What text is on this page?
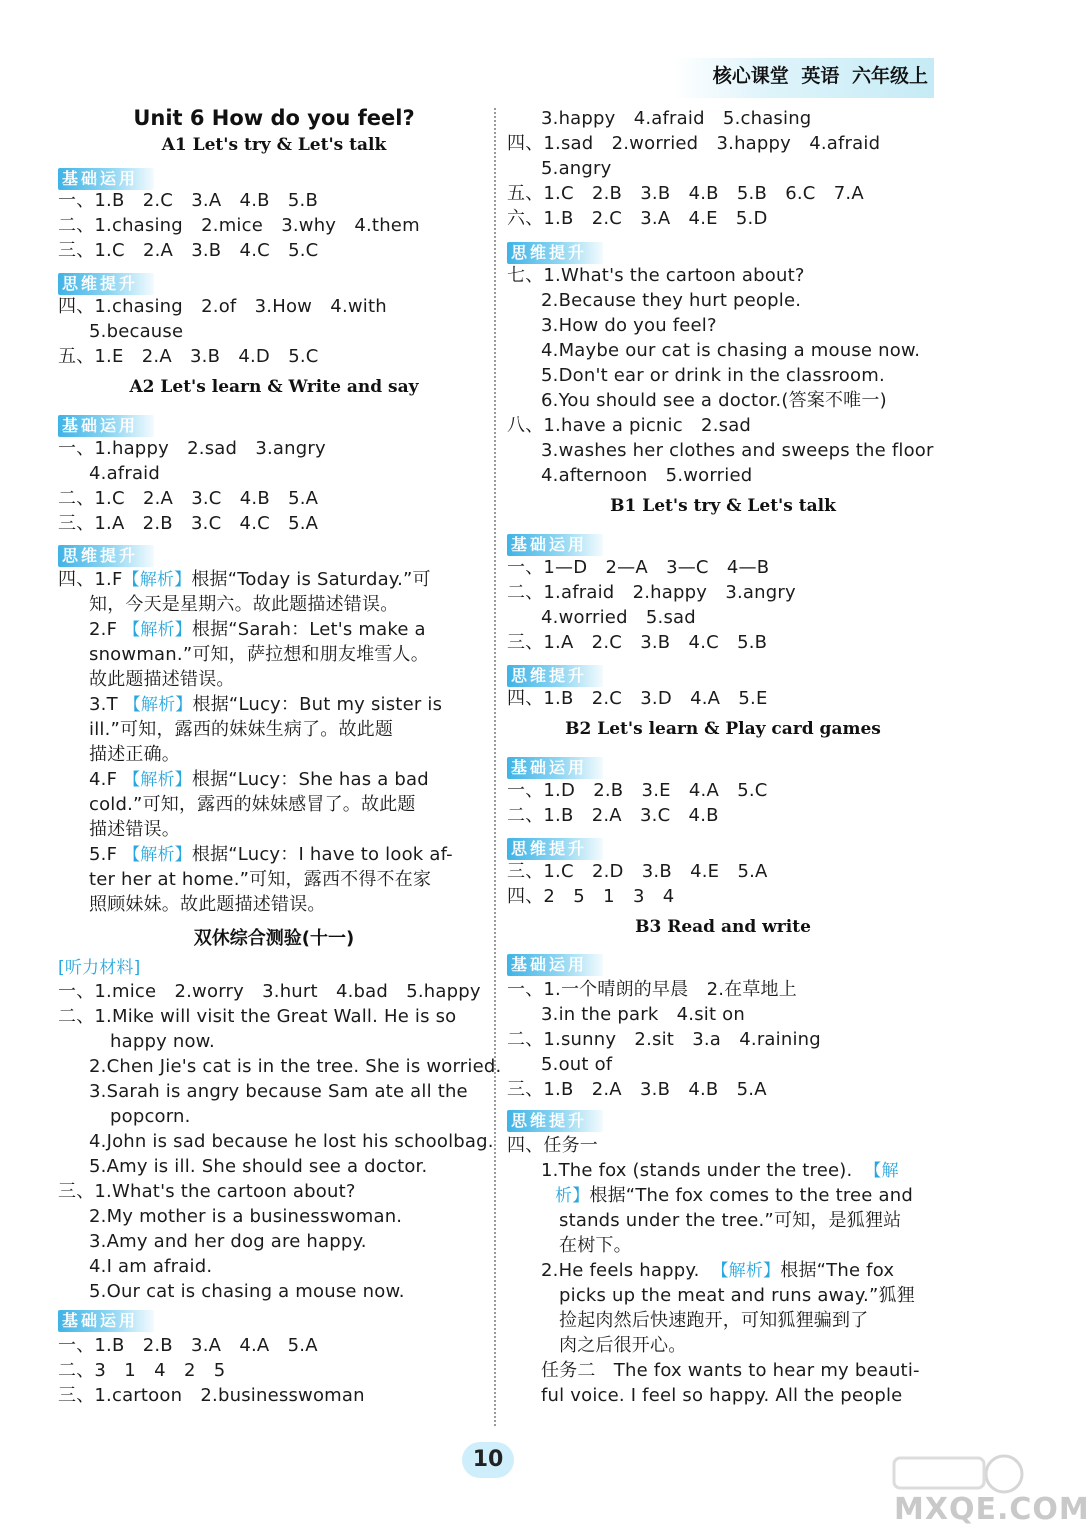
核心课堂 英语 六年级上
Unit 6 How do you feel?
A1 Let's try & Let's talk
基础运用
一、1.B　2.C　3.A　4.B　5.B
二、1.chasing　2.mice　3.why　4.them
三、1.C　2.A　3.B　4.C　5.C
思维提升
四、1.chasing　2.of　3.How　4.with
5.because
五、1.E　2.A　3.B　4.D　5.C
A2 Let's learn & Write and say
基础运用
一、1.happy　2.sad　3.angry
4.afraid
二、1.C　2.A　3.C　4.B　5.A
三、1.A　2.B　3.C　4.C　5.A
思维提升
四、1.F【解析】根据“Today is Saturday.”可
知，今天是星期六。故此题描述错误。
2.F 【解析】根据“Sarah：Let's make a
snowman.”可知，萨拉想和朋友堆雪人。
故此题描述错误。
3.T 【解析】根据“Lucy：But my sister is
ill.”可知，露西的妹妹生病了。故此题
描述正确。
4.F 【解析】根据“Lucy：She has a bad
cold.”可知，露西的妹妹感冒了。故此题
描述错误。
5.F 【解析】根据“Lucy：I have to look af-
ter her at home.”可知，露西不得不在家
照顾妹妹。故此题描述错误。
双休综合测验(十一)
[听力材料]
一、1.mice　2.worry　3.hurt　4.bad　5.happy
二、1.Mike will visit the Great Wall. He is so
happy now.
2.Chen Jie's cat is in the tree. She is worried.
3.Sarah is angry because Sam ate all the
popcorn.
4.John is sad because he lost his schoolbag.
5.Amy is ill. She should see a doctor.
三、1.What's the cartoon about?
2.My mother is a businesswoman.
3.Amy and her dog are happy.
4.I am afraid.
5.Our cat is chasing a mouse now.
基础运用
一、1.B　2.B　3.A　4.A　5.A
二、3　1　4　2　5
三、1.cartoon　2.businesswoman
3.happy　4.afraid　5.chasing
四、1.sad　2.worried　3.happy　4.afraid
5.angry
五、1.C　2.B　3.B　4.B　5.B　6.C　7.A
六、1.B　2.C　3.A　4.E　5.D
思维提升
七、1.What's the cartoon about?
2.Because they hurt people.
3.How do you feel?
4.Maybe our cat is chasing a mouse now.
5.Don't ear or drink in the classroom.
6.You should see a doctor.(答案不唯一)
八、1.have a picnic　2.sad
3.washes her clothes and sweeps the floor
4.afternoon　5.worried
B1 Let's try & Let's talk
基础运用
一、1—D　2—A　3—C　4—B
二、1.afraid　2.happy　3.angry
4.worried　5.sad
三、1.A　2.C　3.B　4.C　5.B
思维提升
四、1.B　2.C　3.D　4.A　5.E
B2 Let's learn & Play card games
基础运用
一、1.D　2.B　3.E　4.A　5.C
二、1.B　2.A　3.C　4.B
思维提升
三、1.C　2.D　3.B　4.E　5.A
四、2　5　1　3　4
B3 Read and write
基础运用
一、1.一个晴朗的早晨　2.在草地上
3.in the park　4.sit on
二、1.sunny　2.sit　3.a　4.raining
5.out of
三、1.B　2.A　3.B　4.B　5.A
思维提升
四、任务一
1.The fox (stands under the tree). 【解
析】根据“The fox comes to the tree and
stands under the tree.”可知，是狐狸站
在树下。
2.He feels happy. 【解析】根据“The fox
picks up the meat and runs away.”狐狸
捡起肉然后快速跑开，可知狐狸骗到了
肉之后很开心。
任务二　The fox wants to hear my beauti-
ful voice. I feel so happy. All the people
10
MXQE.COM
